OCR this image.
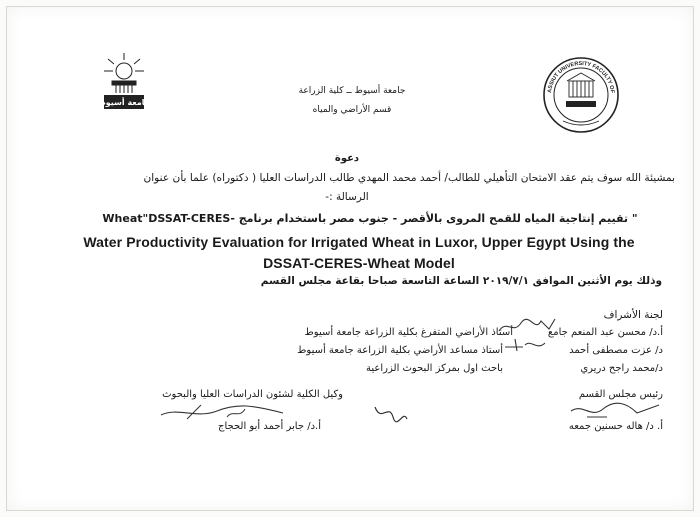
جامعة أسيوط
ASSIUT UNIVERSITY FACULTY OF
جامعة أسيوط ــ كلية الزراعة
قسم الأراضي والمياه
دعوة
بمشيئة الله سوف يتم عقد الامتحان التأهيلي للطالب/ أحمد محمد المهدي طالب الدراسات العليا ( دكتوراه) علما بأن عنوان
الرسالة :-
" تقييم إنتاجية المياه للقمح المروى بالأقصر - جنوب مصر باستخدام برنامج -Wheat"DSSAT-CERES
Water Productivity Evaluation for Irrigated Wheat in Luxor, Upper Egypt Using the
DSSAT-CERES-Wheat Model
وذلك يوم الأثنين الموافق ٢٠١٩/٧/١ الساعة التاسعة صباحا بقاعة مجلس القسم
لجنة الأشراف
أ.د/ محسن عبد المنعم جامع
أستاذ الأراضي المتفرغ بكلية الزراعة جامعة أسيوط
د/ عزت مصطفى أحمد
أستاذ مساعد الأراضي بكلية الزراعة جامعة أسيوط
د/محمد راجح دريري
باحث اول بمركز البحوث الزراعية
وكيل الكلية لشئون الدراسات العليا والبحوث	رئيس مجلس القسم
أ.د/ جابر أحمد أبو الحجاج	أ. د/ هاله حسنين جمعه
